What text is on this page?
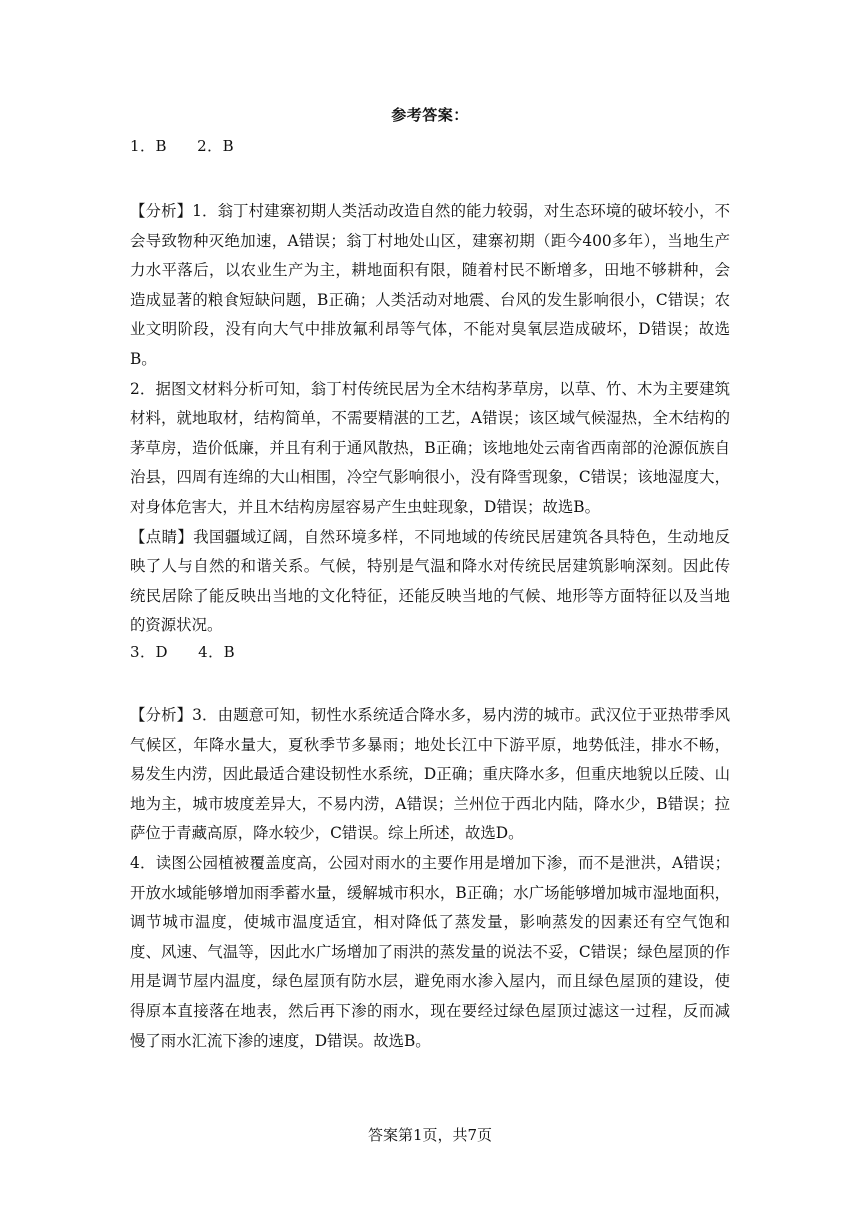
参考答案：
1．B 2．B

【分析】1．翁丁村建寨初期人类活动改造自然的能力较弱，对生态环境的破坏较小，不会导致物种灭绝加速，A错误；翁丁村地处山区，建寨初期（距今400多年），当地生产力水平落后，以农业生产为主，耕地面积有限，随着村民不断增多，田地不够耕种，会造成显著的粮食短缺问题，B正确；人类活动对地震、台风的发生影响很小，C错误；农业文明阶段，没有向大气中排放氟利昂等气体，不能对臭氧层造成破坏，D错误；故选B。

2．据图文材料分析可知，翁丁村传统民居为全木结构茅草房，以草、竹、木为主要建筑材料，就地取材，结构简单，不需要精湛的工艺，A错误；该区域气候湿热，全木结构的茅草房，造价低廉，并且有利于通风散热，B正确；该地地处云南省西南部的沧源佤族自治县，四周有连绵的大山相围，冷空气影响很小，没有降雪现象，C错误；该地湿度大，对身体危害大，并且木结构房屋容易产生虫蛀现象，D错误；故选B。

【点睛】我国疆域辽阔，自然环境多样，不同地域的传统民居建筑各具特色，生动地反映了人与自然的和谐关系。气候，特别是气温和降水对传统民居建筑影响深刻。因此传统民居除了能反映出当地的文化特征，还能反映当地的气候、地形等方面特征以及当地的资源状况。

3．D 4．B

【分析】3．由题意可知，韧性水系统适合降水多，易内涝的城市。武汉位于亚热带季风气候区，年降水量大，夏秋季节多暴雨；地处长江中下游平原，地势低洼，排水不畅，易发生内涝，因此最适合建设韧性水系统，D正确；重庆降水多，但重庆地貌以丘陵、山地为主，城市坡度差异大，不易内涝，A错误；兰州位于西北内陆，降水少，B错误；拉萨位于青藏高原，降水较少，C错误。综上所述，故选D。

4．读图公园植被覆盖度高，公园对雨水的主要作用是增加下渗，而不是泄洪，A错误；开放水域能够增加雨季蓄水量，缓解城市积水，B正确；水广场能够增加城市湿地面积，调节城市温度，使城市温度适宜，相对降低了蒸发量，影响蒸发的因素还有空气饱和度、风速、气温等，因此水广场增加了雨洪的蒸发量的说法不妥，C错误；绿色屋顶的作用是调节屋内温度，绿色屋顶有防水层，避免雨水渗入屋内，而且绿色屋顶的建设，使得原本直接落在地表，然后再下渗的雨水，现在要经过绿色屋顶过滤这一过程，反而减慢了雨水汇流下渗的速度，D错误。故选B。

答案第1页，共7页
